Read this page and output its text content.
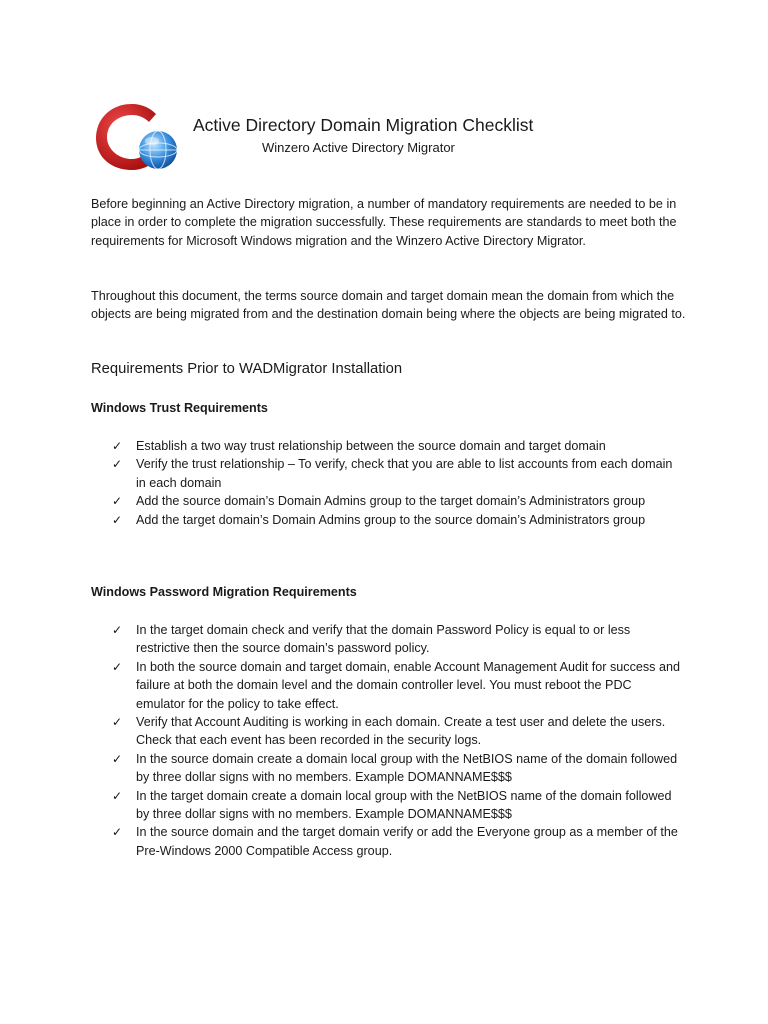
Active Directory Domain Migration Checklist
Winzero Active Directory Migrator

Before beginning an Active Directory migration, a number of mandatory requirements are needed to be in place in order to complete the migration successfully. These requirements are standards to meet both the requirements for Microsoft Windows migration and the Winzero Active Directory Migrator.

Throughout this document, the terms source domain and target domain mean the domain from which the objects are being migrated from and the destination domain being where the objects are being migrated to.

Requirements Prior to WADMigrator Installation
Windows Trust Requirements
✓ Establish a two way trust relationship between the source domain and target domain
✓ Verify the trust relationship – To verify, check that you are able to list accounts from each domain in each domain
✓ Add the source domain’s Domain Admins group to the target domain’s Administrators group
✓ Add the target domain’s Domain Admins group to the source domain’s Administrators group
Windows Password Migration Requirements
✓ In the target domain check and verify that the domain Password Policy is equal to or less restrictive then the source domain’s password policy.
✓ In both the source domain and target domain, enable Account Management Audit for success and failure at both the domain level and the domain controller level. You must reboot the PDC emulator for the policy to take effect.
✓ Verify that Account Auditing is working in each domain. Create a test user and delete the users. Check that each event has been recorded in the security logs.
✓ In the source domain create a domain local group with the NetBIOS name of the domain followed by three dollar signs with no members. Example DOMANNAME$$$
✓ In the target domain create a domain local group with the NetBIOS name of the domain followed by three dollar signs with no members. Example DOMANNAME$$$
✓ In the source domain and the target domain verify or add the Everyone group as a member of the Pre-Windows 2000 Compatible Access group.
